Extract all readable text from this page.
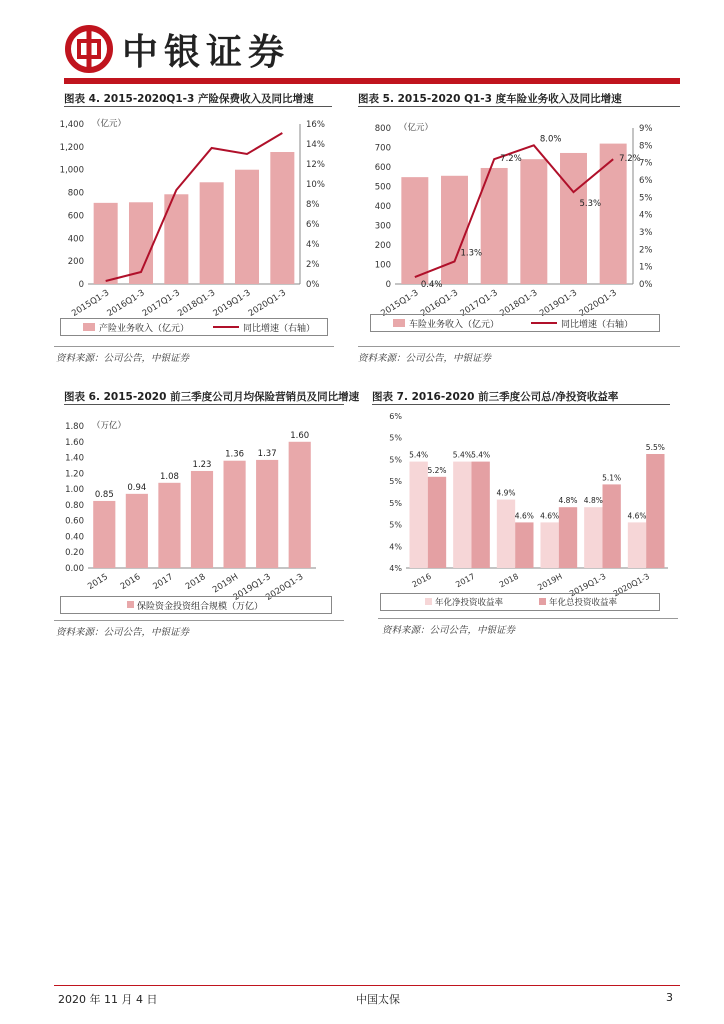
中银证券
图表 4. 2015-2020Q1-3 产险保费收入及同比增速	图表 5. 2015-2020 Q1-3 度车险业务收入及同比增速
图表 6. 2015-2020 前三季度公司月均保险营销员及同比增速 图表 7. 2016-2020 前三季度公司总/净投资收益率
0
200
400
600
800
1,000
1,200
1,400 （亿元）
0%
2%
4%
6%
8%
10%
12%
14%
16%
2015Q1-3
2016Q1-3
2017Q1-3
2018Q1-3
2019Q1-3
2020Q1-3
产险业务收入（亿元）	同比增速（右轴）
资料来源：公司公告，中银证券
0
100
200
300
400
500
600
700
800 （亿元）
0%
1%
2%
3%
4%
5%
6%
7%
8%
9%
2015Q1-3
2016Q1-3
2017Q1-3
2018Q1-3
2019Q1-3
2020Q1-3
0.4%
1.3%
7.2%
8.0%
5.3%
7.2%
车险业务收入（亿元）	同比增速（右轴）
资料来源：公司公告，中银证券
0.00
0.20
0.40
0.60
0.80
1.00
1.20
1.40
1.60
1.80 （万亿）
0.85
2015
0.94
2016
1.08
2017
1.23
2018
1.36
2019H
1.37
2019Q1-3
1.60
2020Q1-3
保险资金投资组合规模（万亿）
资料来源：公司公告，中银证券
4%
4%
5%
5%
5%
5%
5%
6%
5.4%
5.2%
2016
5.4% 5.4%
2017
4.9%
4.6%
2018
4.6%
4.8%
2019H
4.8%
5.1%
2019Q1-3
4.6%
5.5%
2020Q1-3
年化净投资收益率	年化总投资收益率
资料来源：公司公告，中银证券
2020 年 11 月 4 日	中国太保	3
